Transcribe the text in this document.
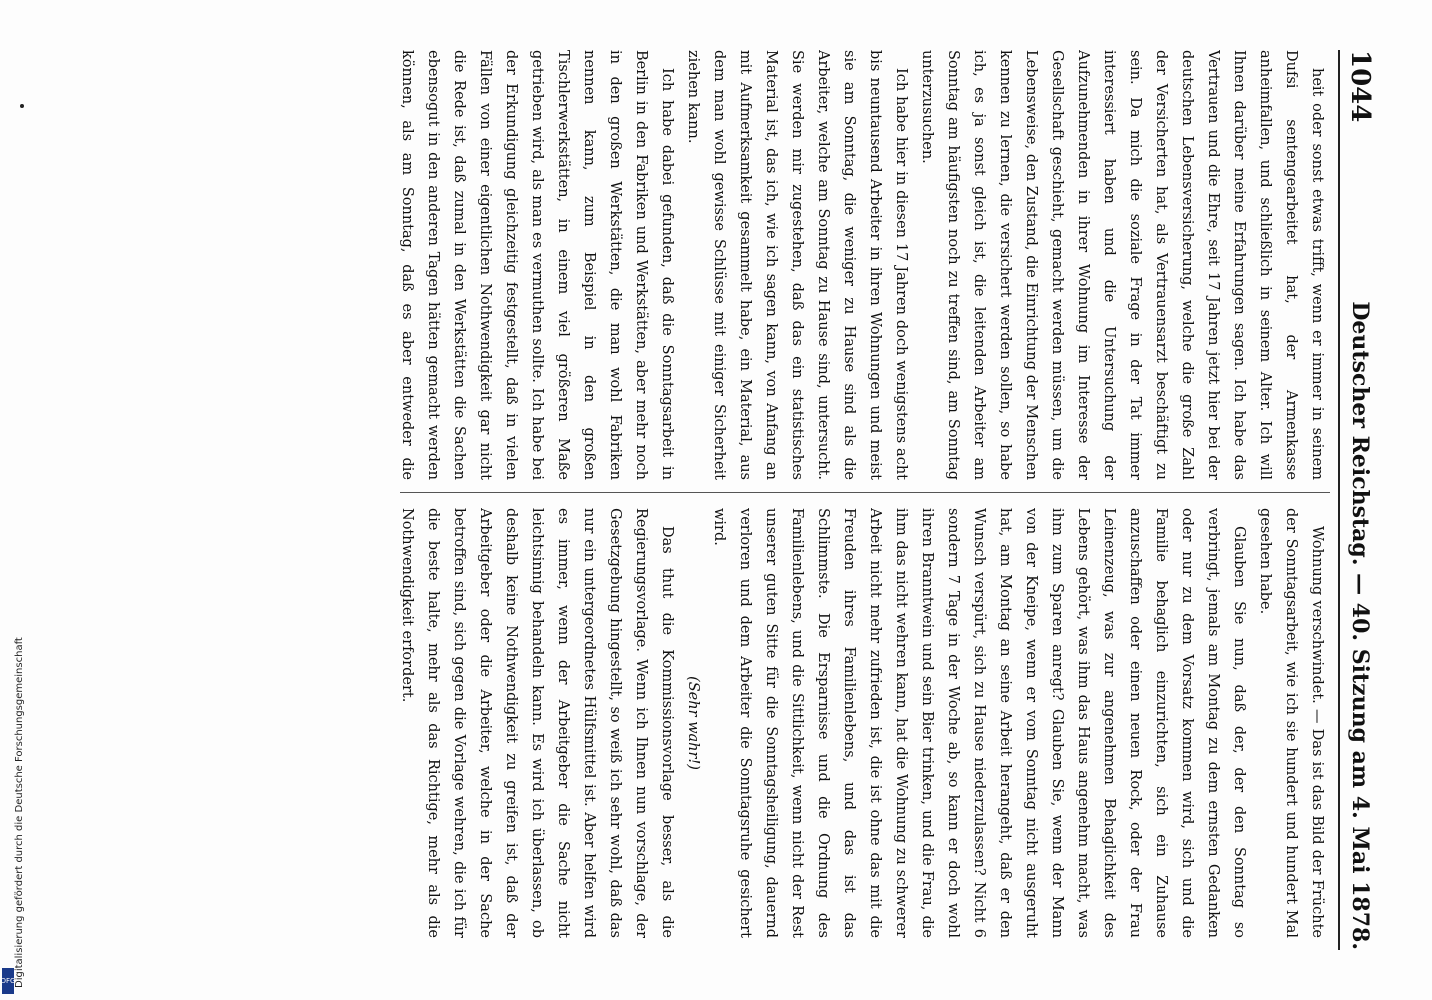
1044
Deutscher Reichstag. — 40. Sitzung am 4. Mai 1878.

heit oder sonst etwas trifft, wenn er immer in seinem Dufsi sentengearbeitet hat, der Armenkasse anheimfallen, und schließlich in seinem Alter. Ich will Ihnen darüber meine Erfahrungen sagen. Ich habe das Vertrauen und die Ehre, seit 17 Jahren jetzt hier bei der deutschen Lebensversicherung, welche die große Zahl der Versicherten hat, als Vertrauensarzt beschäftigt zu sein. Da mich die soziale Frage in der Tat immer interessiert haben und die Untersuchung der Aufzunehmenden in ihrer Wohnung im Interesse der Gesellschaft geschieht, gemacht werden müssen, um die Lebensweise, den Zustand, die Einrichtung der Menschen kennen zu lernen, die versichert werden sollen, so habe ich, es ja sonst gleich ist, die leitenden Arbeiter am Sonntag am häufigsten noch zu treffen sind, am Sonntag unterzusuchen.

Ich habe hier in diesen 17 Jahren doch wenigstens acht bis neuntausend Arbeiter in ihren Wohnungen und meist sie am Sonntag, die weniger zu Hause sind als die Arbeiter, welche am Sonntag zu Hause sind, untersucht. Sie werden mir zugestehen, daß das ein statistisches Material ist, das ich, wie ich sagen kann, von Anfang an mit Aufmerksamkeit gesammelt habe, ein Material, aus dem man wohl gewisse Schlüsse mit einiger Sicherheit ziehen kann.

Ich habe dabei gefunden, daß die Sonntagsarbeit in Berlin in den Fabriken und Werkstätten, aber mehr noch in den großen Werkstätten, die man wohl Fabriken nennen kann, zum Beispiel in den großen Tischlerwerkstätten, in einem viel größeren Maße getrieben wird, als man es vermuthen sollte. Ich habe bei der Erkundigung gleichzeitig festgestellt, daß in vielen Fällen von einer eigentlichen Nothwendigkeit gar nicht die Rede ist, daß zumal in den Werkstätten die Sachen ebensogut in den anderen Tagen hätten gemacht werden können, als am Sonntag, daß es aber entweder die

Wohnung verschwindet. — Das ist das Bild der Früchte der Sonntagsarbeit, wie ich sie hundert und hundert Mal gesehen habe.

Glauben Sie nun, daß der, der den Sonntag so verbringt, jemals am Montag zu dem ernsten Gedanken oder nur zu dem Vorsatz kommen wird, sich und die Familie behaglich einzurichten, sich ein Zuhause anzuschaffen oder einen neuen Rock, oder der Frau Leinenzeug, was zur angenehmen Behaglichkeit des Lebens gehört, was ihm das Haus angenehm macht, was ihm zum Sparen anregt? Glauben Sie, wenn der Mann von der Kneipe, wenn er vom Sonntag nicht ausgeruht hat, am Montag an seine Arbeit herangeht, daß er den Wunsch verspürt, sich zu Hause niederzulassen? Nicht 6 sondern 7 Tage in der Woche ab, so kann er doch wohl ihren Branntwein und sein Bier trinken, und die Frau, die ihm das nicht wehren kann, hat die Wohnung zu schwerer Arbeit nicht mehr zufrieden ist, die ist ohne das mit die Freuden ihres Familienlebens, und das ist das Schlimmste. Die Ersparnisse und die Ordnung des Familienlebens, und die Sittlichkeit, wenn nicht der Rest unserer guten Sitte für die Sonntagsheiligung, dauernd verloren und dem Arbeiter die Sonntagsruhe gesichert wird.

(Sehr wahr!)

Das thut die Kommissionsvorlage besser, als die Regierungsvorlage. Wenn ich Ihnen nun vorschlage, der Gesetzgebung hingestellt, so weiß ich sehr wohl, daß das nur ein untergeordnetes Hülfsmittel ist. Aber helfen wird es immer, wenn der Arbeitgeber die Sache nicht leichtsinnig behandeln kann. Es wird ich überlassen, ob deshalb keine Nothwendigkeit zu greifen ist, daß der Arbeitgeber oder die Arbeiter, welche in der Sache betroffen sind, sich gegen die Vorlage wehren, die ich für die beste halte, mehr als das Richtige, mehr als die Nothwendigkeit erfordert.

Digitalisierung gefördert durch die Deutsche Forschungsgemeinschaft
DFG
